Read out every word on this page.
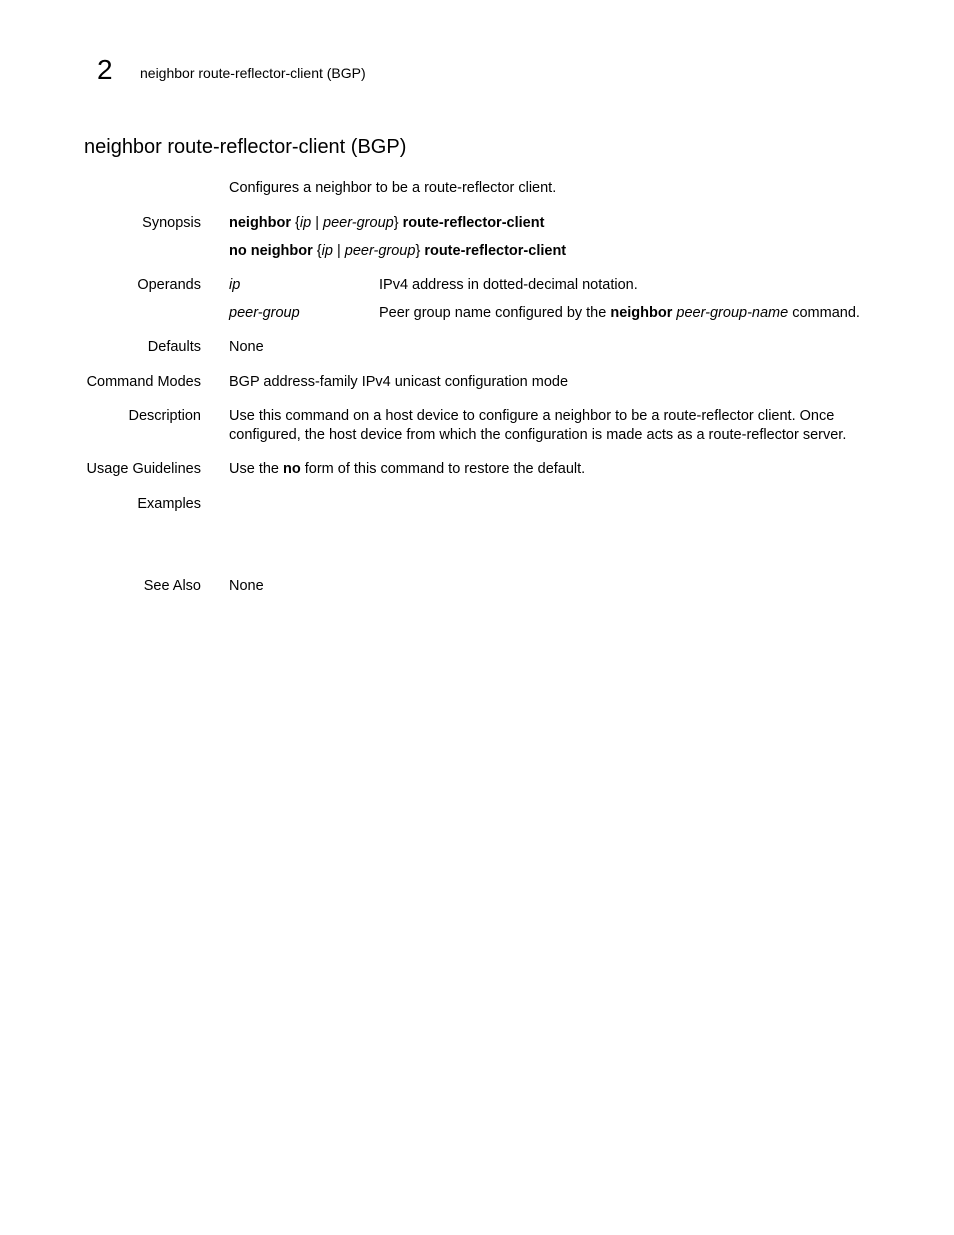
2 neighbor route-reflector-client (BGP)
neighbor route-reflector-client (BGP)
Configures a neighbor to be a route-reflector client.
Synopsis neighbor {ip | peer-group} route-reflector-client
no neighbor {ip | peer-group} route-reflector-client
Operands ip	IPv4 address in dotted-decimal notation.
peer-group	Peer group name configured by the neighbor peer-group-name command.
Defaults None
Command Modes BGP address-family IPv4 unicast configuration mode
Description Use this command on a host device to configure a neighbor to be a route-reflector client. Once
configured, the host device from which the configuration is made acts as a route-reflector server.
Usage Guidelines Use the no form of this command to restore the default.
Examples
See Also None
